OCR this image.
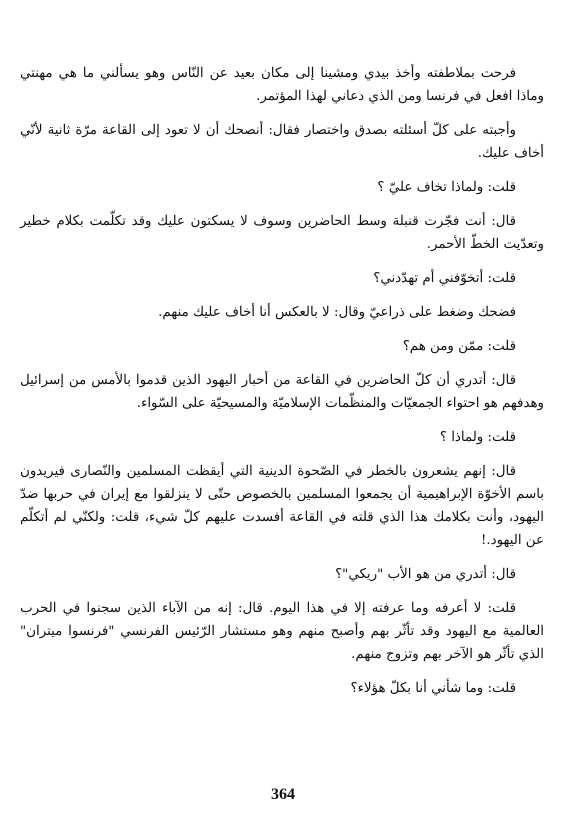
فرحت بملاطفته وأخذ بيدي ومشينا إلى مكان بعيد عن النّاس وهو يسألني ما هي مهنتي وماذا افعل في فرنسا ومن الذي دعاني لهذا المؤتمر.

وأجبته على كلّ أسئلته بصدق واختصار فقال: أنصحك أن لا تعود إلى القاعة مرّة ثانية لأنّي أخاف عليك.

قلت: ولماذا تخاف عليّ ؟

قال: أنت فجّرت قنبلة وسط الحاضرين وسوف لا يسكتون عليك وقد تكلّمت بكلام خطير وتعدّيت الخطّ الأحمر.

قلت: أتخوّفني أم تهدّدني؟

فضحك وضغط على ذراعيّ وقال: لا بالعكس أنا أخاف عليك منهم.

قلت: ممّن ومن هم؟

قال: أتدري أن كلّ الحاضرين في القاعة من أحبار اليهود الذين قدموا بالأمس من إسرائيل وهدفهم هو احتواء الجمعيّات والمنظّمات الإسلاميّة والمسيحيّة على السّواء.

قلت: ولماذا ؟

قال: إنهم يشعرون بالخطر في الصّحوة الدينية التي أيقظت المسلمين والنّصارى فيريدون باسم الأخوّة الإبراهيمية أن يجمعوا المسلمين بالخصوص حتّى لا ينزلقوا مع إيران في حربها ضدّ اليهود، وأنت بكلامك هذا الذي قلته في القاعة أفسدت عليهم كلّ شيء، قلت: ولكنّي لم أتكلّم عن اليهود.!

قال: أتدري من هو الأب "ريكي"؟

قلت: لا أعرفه وما عرفته إلا في هذا اليوم. قال: إنه من الآباء الذين سجنوا في الحرب العالمية مع اليهود وقد تأثّر بهم وأصبح منهم وهو مستشار الرّئيس الفرنسي "فرنسوا ميتران" الذي تأثّر هو الآخر بهم وتزوج منهم.

قلت: وما شأني أنا بكلّ هؤلاء؟

364
